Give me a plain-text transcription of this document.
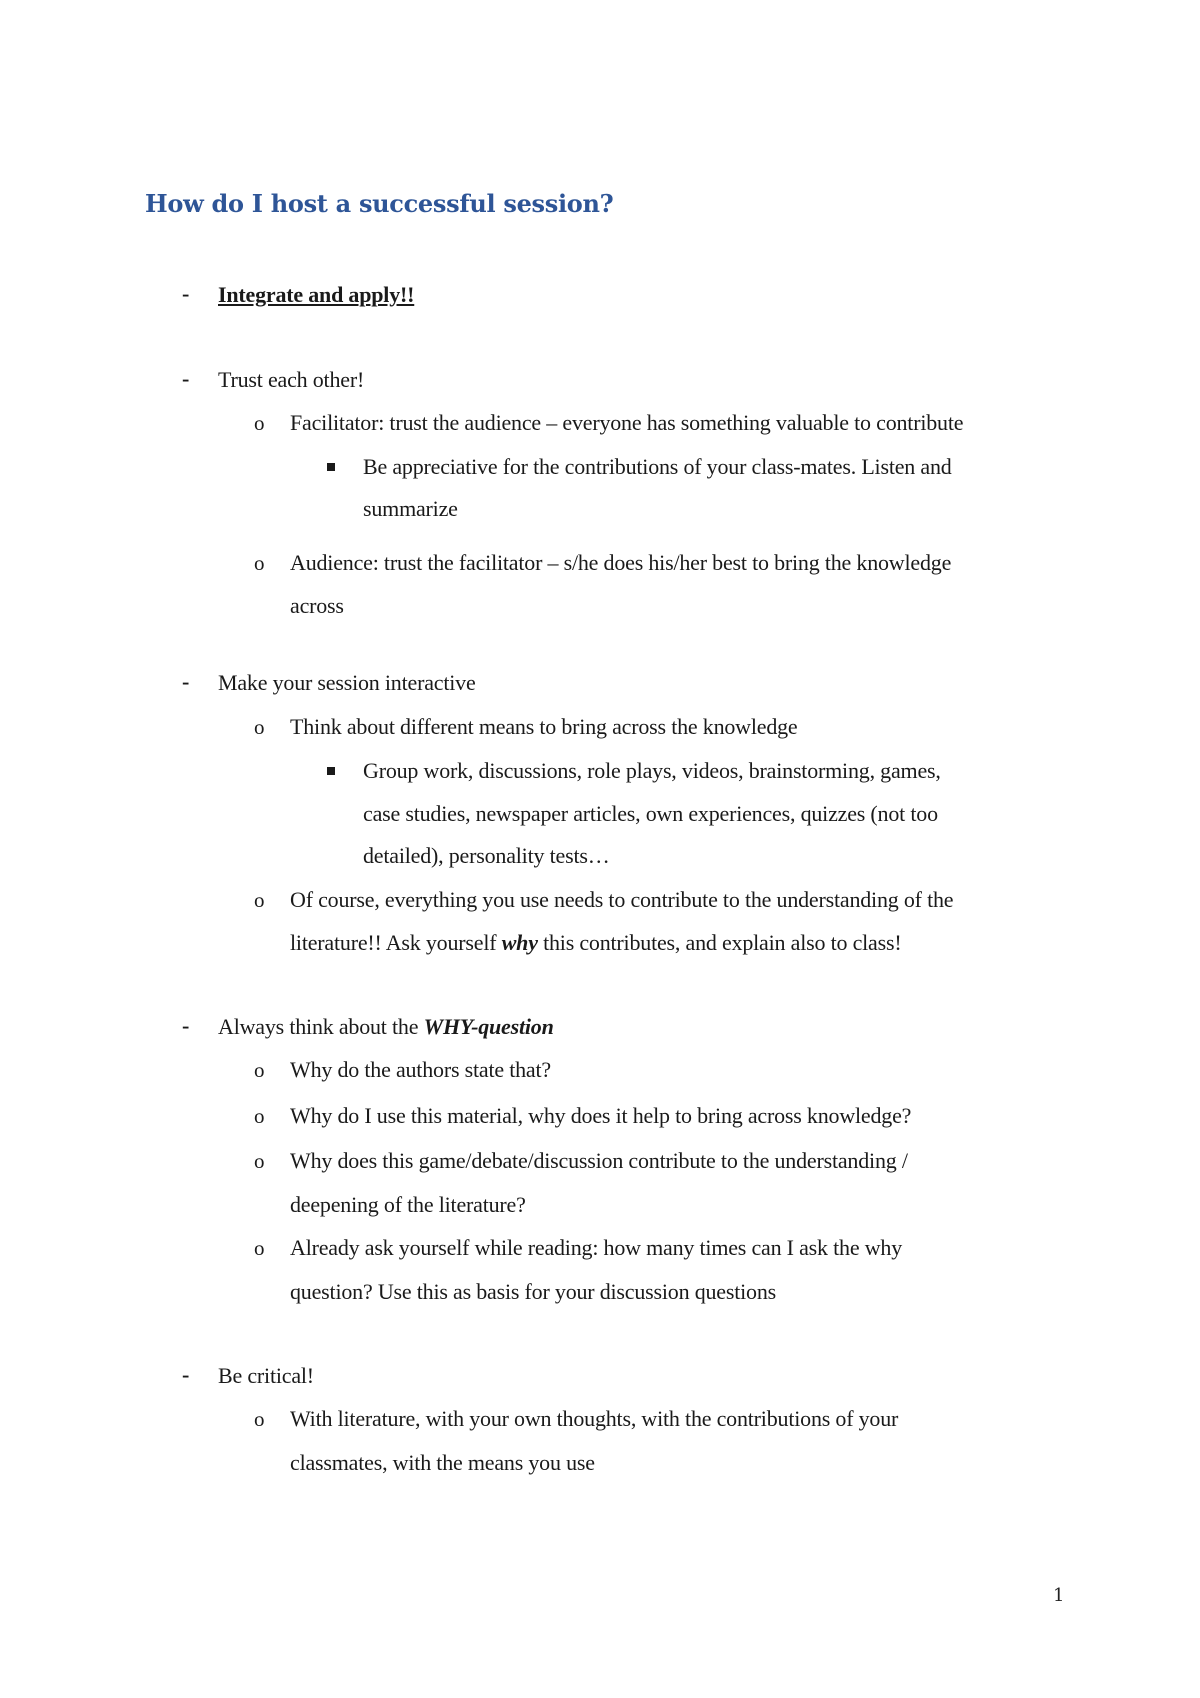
How do I host a successful session?
- Integrate and apply!!
- Trust each other!
o Facilitator: trust the audience – everyone has something valuable to contribute
Be appreciative for the contributions of your class-mates. Listen and
summarize
o Audience: trust the facilitator – s/he does his/her best to bring the knowledge
across
- Make your session interactive
o Think about different means to bring across the knowledge
Group work, discussions, role plays, videos, brainstorming, games,
case studies, newspaper articles, own experiences, quizzes (not too
detailed), personality tests…
o Of course, everything you use needs to contribute to the understanding of the
literature!! Ask yourself why this contributes, and explain also to class!
- Always think about the WHY-question
o Why do the authors state that?
o Why do I use this material, why does it help to bring across knowledge?
o Why does this game/debate/discussion contribute to the understanding /
deepening of the literature?
o Already ask yourself while reading: how many times can I ask the why
question? Use this as basis for your discussion questions
- Be critical!
o With literature, with your own thoughts, with the contributions of your
classmates, with the means you use
1
